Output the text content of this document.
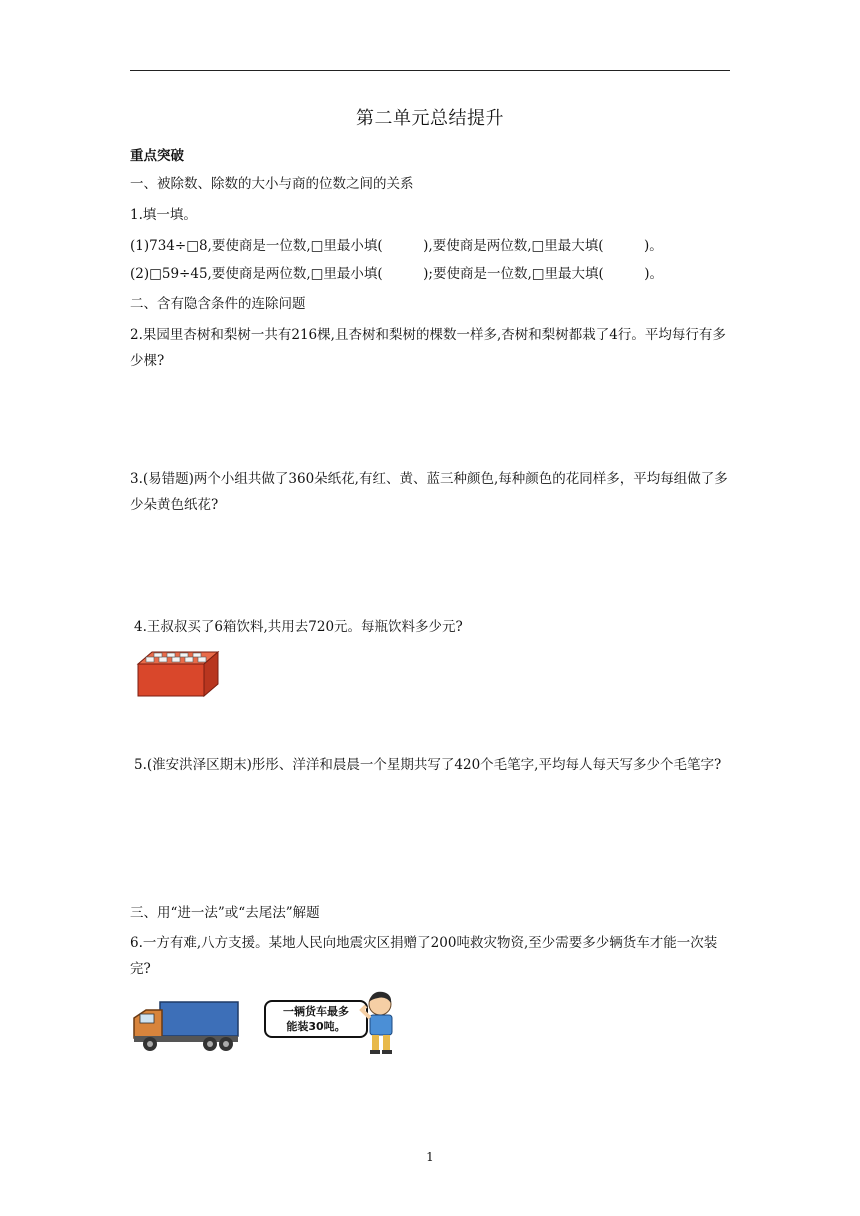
第二单元总结提升
重点突破
一、被除数、除数的大小与商的位数之间的关系
1.填一填。
(1)734÷□8,要使商是一位数,□里最小填(　　　),要使商是两位数,□里最大填(　　　)。
(2)□59÷45,要使商是两位数,□里最小填(　　　);要使商是一位数,□里最大填(　　　)。
二、含有隐含条件的连除问题
2.果园里杏树和梨树一共有216棵,且杏树和梨树的棵数一样多,杏树和梨树都栽了4行。平均每行有多少棵?
3.(易错题)两个小组共做了360朵纸花,有红、黄、蓝三种颜色,每种颜色的花同样多，平均每组做了多少朵黄色纸花?
4.王叔叔买了6箱饮料,共用去720元。每瓶饮料多少元?
5.(淮安洪泽区期末)彤彤、洋洋和晨晨一个星期共写了420个毛笔字,平均每人每天写多少个毛笔字?
三、用“进一法”或“去尾法”解题
6.一方有难,八方支援。某地人民向地震灾区捐赠了200吨救灾物资,至少需要多少辆货车才能一次装完?
一辆货车最多
能装30吨。
1
